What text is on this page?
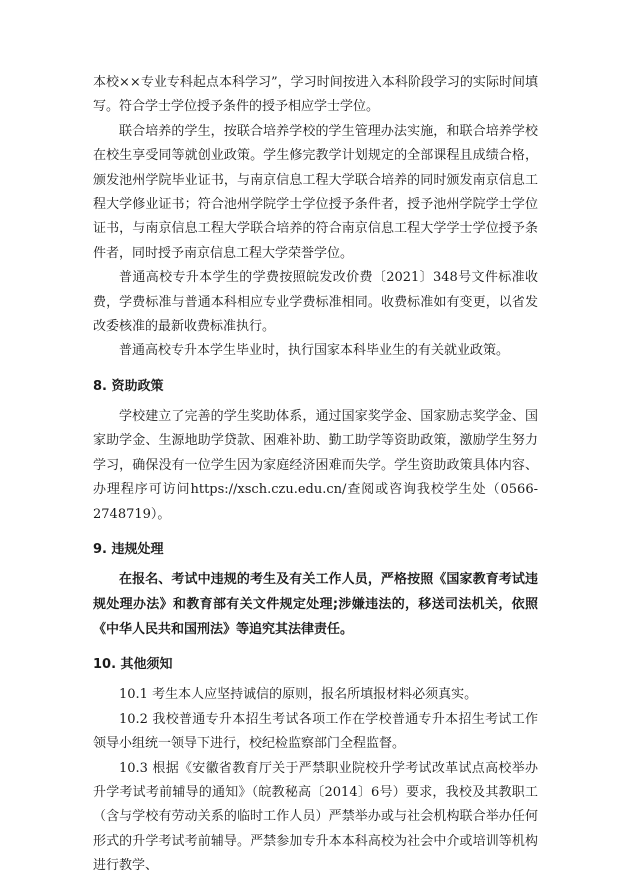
本校××专业专科起点本科学习”，学习时间按进入本科阶段学习的实际时间填写。符合学士学位授予条件的授予相应学士学位。

联合培养的学生，按联合培养学校的学生管理办法实施，和联合培养学校在校生享受同等就创业政策。学生修完教学计划规定的全部课程且成绩合格，颁发池州学院毕业证书，与南京信息工程大学联合培养的同时颁发南京信息工程大学修业证书；符合池州学院学士学位授予条件者，授予池州学院学士学位证书，与南京信息工程大学联合培养的符合南京信息工程大学学士学位授予条件者，同时授予南京信息工程大学荣誉学位。

普通高校专升本学生的学费按照皖发改价费〔2021〕348号文件标准收费，学费标准与普通本科相应专业学费标准相同。收费标准如有变更，以省发改委核准的最新收费标准执行。

普通高校专升本学生毕业时，执行国家本科毕业生的有关就业政策。

8. 资助政策

学校建立了完善的学生奖助体系，通过国家奖学金、国家励志奖学金、国家助学金、生源地助学贷款、困难补助、勤工助学等资助政策，激励学生努力学习，确保没有一位学生因为家庭经济困难而失学。学生资助政策具体内容、办理程序可访问https://xsch.czu.edu.cn/查阅或咨询我校学生处（0566-2748719）。

9. 违规处理

在报名、考试中违规的考生及有关工作人员，严格按照《国家教育考试违规处理办法》和教育部有关文件规定处理;涉嫌违法的，移送司法机关，依照《中华人民共和国刑法》等追究其法律责任。

10. 其他须知

10.1 考生本人应坚持诚信的原则，报名所填报材料必须真实。

10.2 我校普通专升本招生考试各项工作在学校普通专升本招生考试工作领导小组统一领导下进行，校纪检监察部门全程监督。

10.3 根据《安徽省教育厅关于严禁职业院校升学考试改革试点高校举办升学考试考前辅导的通知》（皖教秘高〔2014〕6号）要求，我校及其教职工（含与学校有劳动关系的临时工作人员）严禁举办或与社会机构联合举办任何形式的升学考试考前辅导。严禁参加专升本本科高校为社会中介或培训等机构进行教学、
